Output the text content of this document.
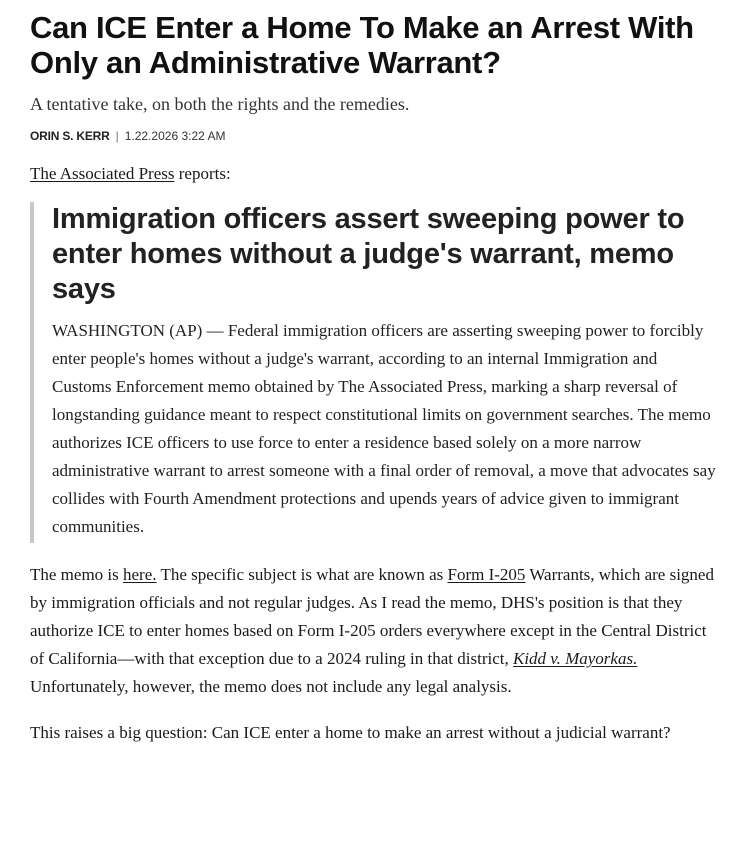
Can ICE Enter a Home To Make an Arrest With Only an Administrative Warrant?

A tentative take, on both the rights and the remedies.

ORIN S. KERR | 1.22.2026 3:22 AM

The Associated Press reports:

Immigration officers assert sweeping power to enter homes without a judge's warrant, memo says

WASHINGTON (AP) — Federal immigration officers are asserting sweeping power to forcibly enter people's homes without a judge's warrant, according to an internal Immigration and Customs Enforcement memo obtained by The Associated Press, marking a sharp reversal of longstanding guidance meant to respect constitutional limits on government searches. The memo authorizes ICE officers to use force to enter a residence based solely on a more narrow administrative warrant to arrest someone with a final order of removal, a move that advocates say collides with Fourth Amendment protections and upends years of advice given to immigrant communities.

The memo is here. The specific subject is what are known as Form I-205 Warrants, which are signed by immigration officials and not regular judges. As I read the memo, DHS's position is that they authorize ICE to enter homes based on Form I-205 orders everywhere except in the Central District of California—with that exception due to a 2024 ruling in that district, Kidd v. Mayorkas. Unfortunately, however, the memo does not include any legal analysis.

This raises a big question: Can ICE enter a home to make an arrest without a judicial warrant?
